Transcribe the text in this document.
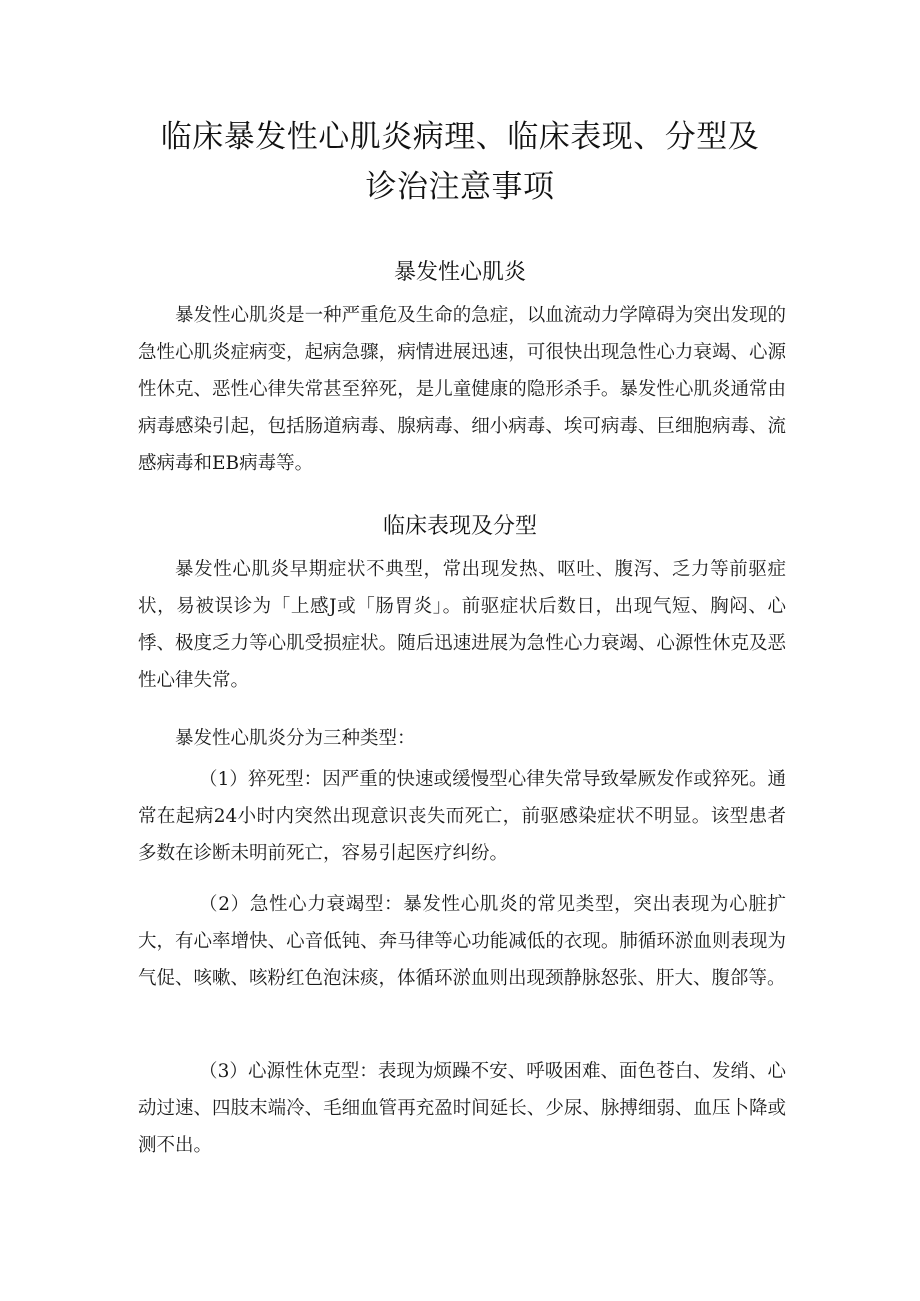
临床暴发性心肌炎病理、临床表现、分型及
诊治注意事项
暴发性心肌炎

暴发性心肌炎是一种严重危及生命的急症，以血流动力学障碍为突出发现的急性心肌炎症病变，起病急骤，病情进展迅速，可很快出现急性心力衰竭、心源性休克、恶性心律失常甚至猝死，是儿童健康的隐形杀手。暴发性心肌炎通常由病毒感染引起，包括肠道病毒、腺病毒、细小病毒、埃可病毒、巨细胞病毒、流感病毒和EB病毒等。

临床表现及分型

暴发性心肌炎早期症状不典型，常出现发热、呕吐、腹泻、乏力等前驱症状，易被误诊为「上感J或「肠胃炎」。前驱症状后数日，出现气短、胸闷、心悸、极度乏力等心肌受损症状。随后迅速进展为急性心力衰竭、心源性休克及恶性心律失常。

暴发性心肌炎分为三种类型：

（1）猝死型：因严重的快速或缓慢型心律失常导致晕厥发作或猝死。通常在起病24小时内突然出现意识丧失而死亡，前驱感染症状不明显。该型患者多数在诊断未明前死亡，容易引起医疗纠纷。

（2）急性心力衰竭型：暴发性心肌炎的常见类型，突出表现为心脏扩大，有心率增快、心音低钝、奔马律等心功能减低的衣现。肺循环淤血则表现为气促、咳嗽、咳粉红色泡沫痰，体循环淤血则出现颈静脉怒张、肝大、腹郃等。

（3）心源性休克型：表现为烦躁不安、呼吸困难、面色苍白、发绡、心动过速、四肢末端冷、毛细血管再充盈时间延长、少尿、脉搏细弱、血压卜降或测不出。
